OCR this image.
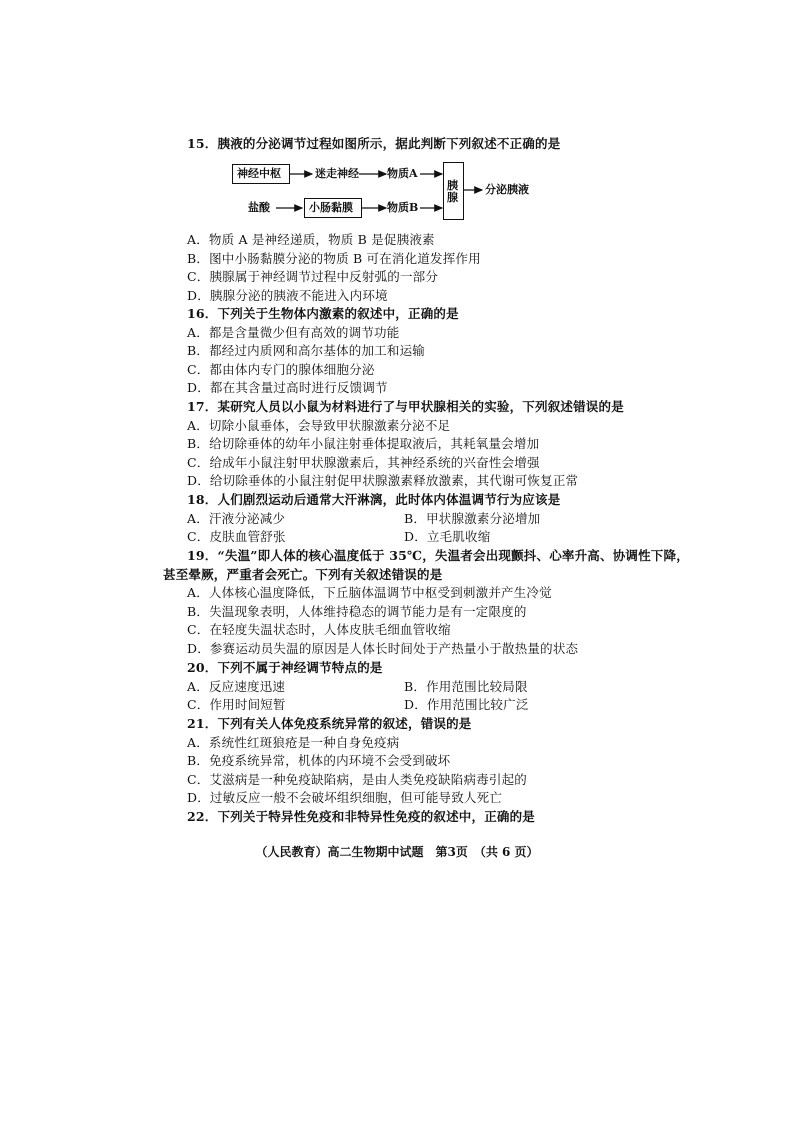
15．胰液的分泌调节过程如图所示，据此判断下列叙述不正确的是
神经中枢	迷走神经	物质A
盐酸	小肠黏膜	物质B
胰腺
分泌胰液
A．物质 A 是神经递质，物质 B 是促胰液素
B．图中小肠黏膜分泌的物质 B 可在消化道发挥作用
C．胰腺属于神经调节过程中反射弧的一部分
D．胰腺分泌的胰液不能进入内环境
16．下列关于生物体内激素的叙述中，正确的是
A．都是含量微少但有高效的调节功能
B．都经过内质网和高尔基体的加工和运输
C．都由体内专门的腺体细胞分泌
D．都在其含量过高时进行反馈调节
17．某研究人员以小鼠为材料进行了与甲状腺相关的实验，下列叙述错误的是
A．切除小鼠垂体，会导致甲状腺激素分泌不足
B．给切除垂体的幼年小鼠注射垂体提取液后，其耗氧量会增加
C．给成年小鼠注射甲状腺激素后，其神经系统的兴奋性会增强
D．给切除垂体的小鼠注射促甲状腺激素释放激素，其代谢可恢复正常
18．人们剧烈运动后通常大汗淋漓，此时体内体温调节行为应该是
A．汗液分泌减少	B．甲状腺激素分泌增加
C．皮肤血管舒张	D．立毛肌收缩
19．“失温”即人体的核心温度低于 35℃，失温者会出现颤抖、心率升高、协调性下降，
甚至晕厥，严重者会死亡。下列有关叙述错误的是
A．人体核心温度降低，下丘脑体温调节中枢受到刺激并产生冷觉
B．失温现象表明，人体维持稳态的调节能力是有一定限度的
C．在轻度失温状态时，人体皮肤毛细血管收缩
D．参赛运动员失温的原因是人体长时间处于产热量小于散热量的状态
20．下列不属于神经调节特点的是
A．反应速度迅速	B．作用范围比较局限
C．作用时间短暂	D．作用范围比较广泛
21．下列有关人体免疫系统异常的叙述，错误的是
A．系统性红斑狼疮是一种自身免疫病
B．免疫系统异常，机体的内环境不会受到破坏
C．艾滋病是一种免疫缺陷病，是由人类免疫缺陷病毒引起的
D．过敏反应一般不会破坏组织细胞，但可能导致人死亡
22．下列关于特异性免疫和非特异性免疫的叙述中，正确的是
（人民教育）高二生物期中试题　第3页　（共 6 页）
